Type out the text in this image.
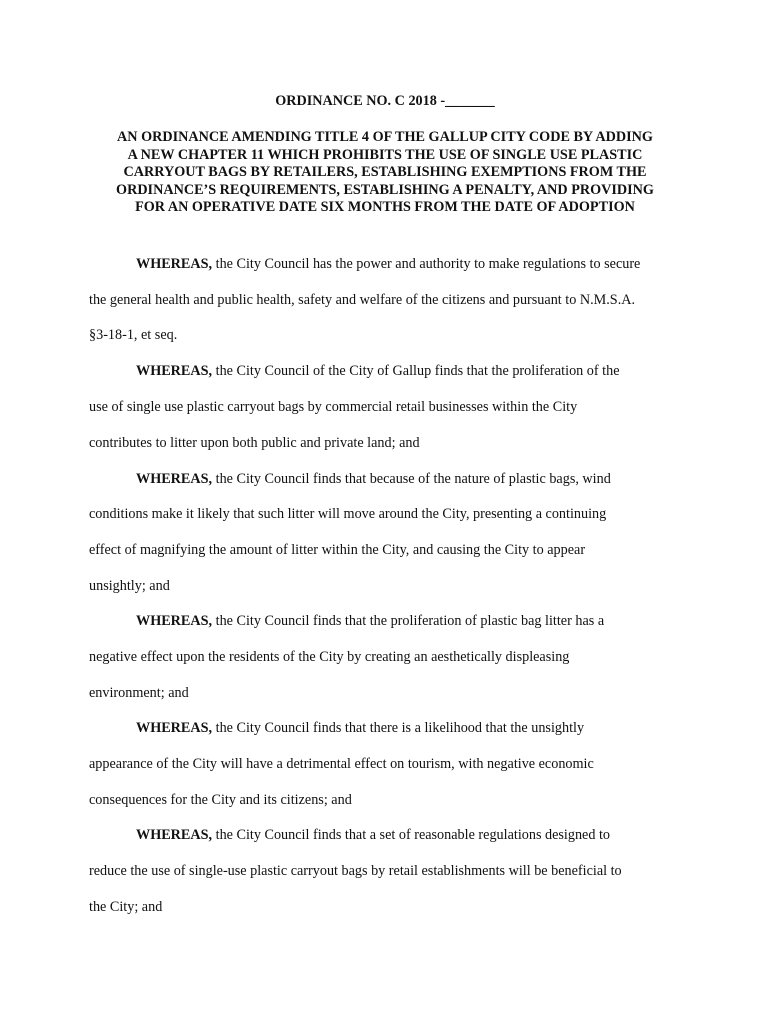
ORDINANCE NO. C 2018 -_______

AN ORDINANCE AMENDING TITLE 4 OF THE GALLUP CITY CODE BY ADDING
A NEW CHAPTER 11 WHICH PROHIBITS THE USE OF SINGLE USE PLASTIC
CARRYOUT BAGS BY RETAILERS, ESTABLISHING EXEMPTIONS FROM THE
ORDINANCE’S REQUIREMENTS, ESTABLISHING A PENALTY, AND PROVIDING
FOR AN OPERATIVE DATE SIX MONTHS FROM THE DATE OF ADOPTION

WHEREAS, the City Council has the power and authority to make regulations to secure

the general health and public health, safety and welfare of the citizens and pursuant to N.M.S.A.

§3-18-1, et seq.

WHEREAS, the City Council of the City of Gallup finds that the proliferation of the

use of single use plastic carryout bags by commercial retail businesses within the City

contributes to litter upon both public and private land; and

WHEREAS, the City Council finds that because of the nature of plastic bags, wind

conditions make it likely that such litter will move around the City, presenting a continuing

effect of magnifying the amount of litter within the City, and causing the City to appear

unsightly; and

WHEREAS, the City Council finds that the proliferation of plastic bag litter has a

negative effect upon the residents of the City by creating an aesthetically displeasing

environment; and

WHEREAS, the City Council finds that there is a likelihood that the unsightly

appearance of the City will have a detrimental effect on tourism, with negative economic

consequences for the City and its citizens; and

WHEREAS, the City Council finds that a set of reasonable regulations designed to

reduce the use of single-use plastic carryout bags by retail establishments will be beneficial to

the City; and
